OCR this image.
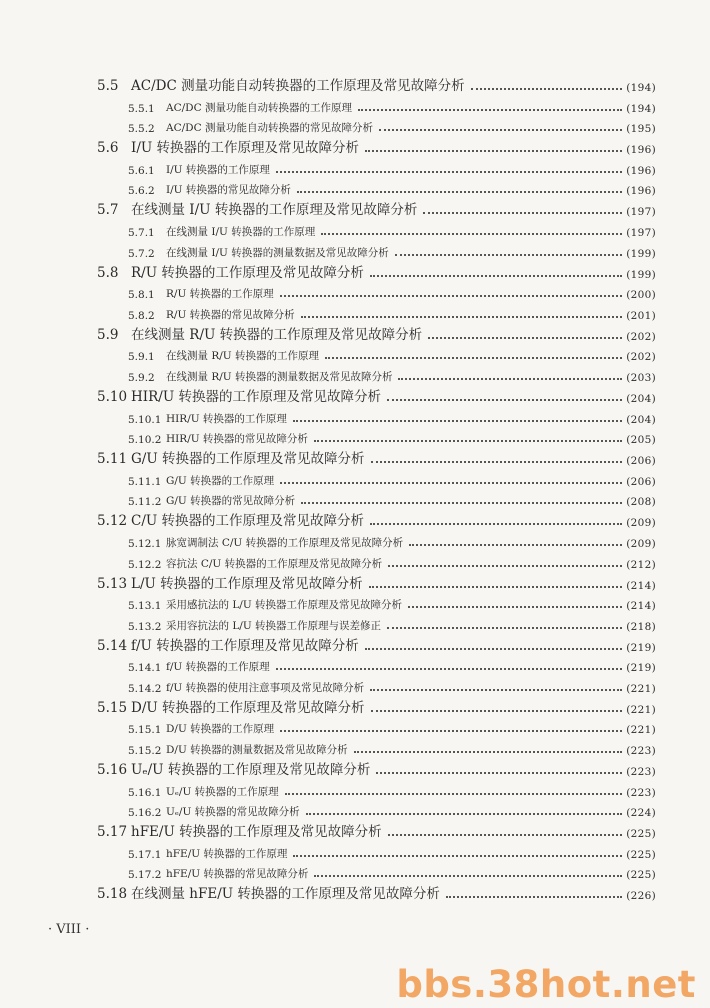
5.5 AC/DC 测量功能自动转换器的工作原理及常见故障分析	(194)
5.5.1	AC/DC 测量功能自动转换器的工作原理	(194)
5.5.2	AC/DC 测量功能自动转换器的常见故障分析	(195)
5.6 I/U 转换器的工作原理及常见故障分析	(196)
5.6.1	I/U 转换器的工作原理	(196)
5.6.2	I/U 转换器的常见故障分析	(196)
5.7 在线测量 I/U 转换器的工作原理及常见故障分析	(197)
5.7.1	在线测量 I/U 转换器的工作原理	(197)
5.7.2	在线测量 I/U 转换器的测量数据及常见故障分析	(199)
5.8 R/U 转换器的工作原理及常见故障分析	(199)
5.8.1	R/U 转换器的工作原理	(200)
5.8.2	R/U 转换器的常见故障分析	(201)
5.9 在线测量 R/U 转换器的工作原理及常见故障分析	(202)
5.9.1	在线测量 R/U 转换器的工作原理	(202)
5.9.2	在线测量 R/U 转换器的测量数据及常见故障分析	(203)
5.10 HIR/U 转换器的工作原理及常见故障分析	(204)
5.10.1 HIR/U 转换器的工作原理	(204)
5.10.2 HIR/U 转换器的常见故障分析	(205)
5.11 G/U 转换器的工作原理及常见故障分析	(206)
5.11.1 G/U 转换器的工作原理	(206)
5.11.2 G/U 转换器的常见故障分析	(208)
5.12 C/U 转换器的工作原理及常见故障分析	(209)
5.12.1 脉宽调制法 C/U 转换器的工作原理及常见故障分析	(209)
5.12.2 容抗法 C/U 转换器的工作原理及常见故障分析	(212)
5.13 L/U 转换器的工作原理及常见故障分析	(214)
5.13.1 采用感抗法的 L/U 转换器工作原理及常见故障分析	(214)
5.13.2 采用容抗法的 L/U 转换器工作原理与误差修正	(218)
5.14 f/U 转换器的工作原理及常见故障分析	(219)
5.14.1 f/U 转换器的工作原理	(219)
5.14.2 f/U 转换器的使用注意事项及常见故障分析	(221)
5.15 D/U 转换器的工作原理及常见故障分析	(221)
5.15.1 D/U 转换器的工作原理	(221)
5.15.2 D/U 转换器的测量数据及常见故障分析	(223)
5.16 Uₑ/U 转换器的工作原理及常见故障分析	(223)
5.16.1 Uₑ/U 转换器的工作原理	(223)
5.16.2 Uₑ/U 转换器的常见故障分析	(224)
5.17 hFE/U 转换器的工作原理及常见故障分析	(225)
5.17.1 hFE/U 转换器的工作原理	(225)
5.17.2 hFE/U 转换器的常见故障分析	(225)
5.18 在线测量 hFE/U 转换器的工作原理及常见故障分析	(226)
· VIII ·
bbs.38hot.net
